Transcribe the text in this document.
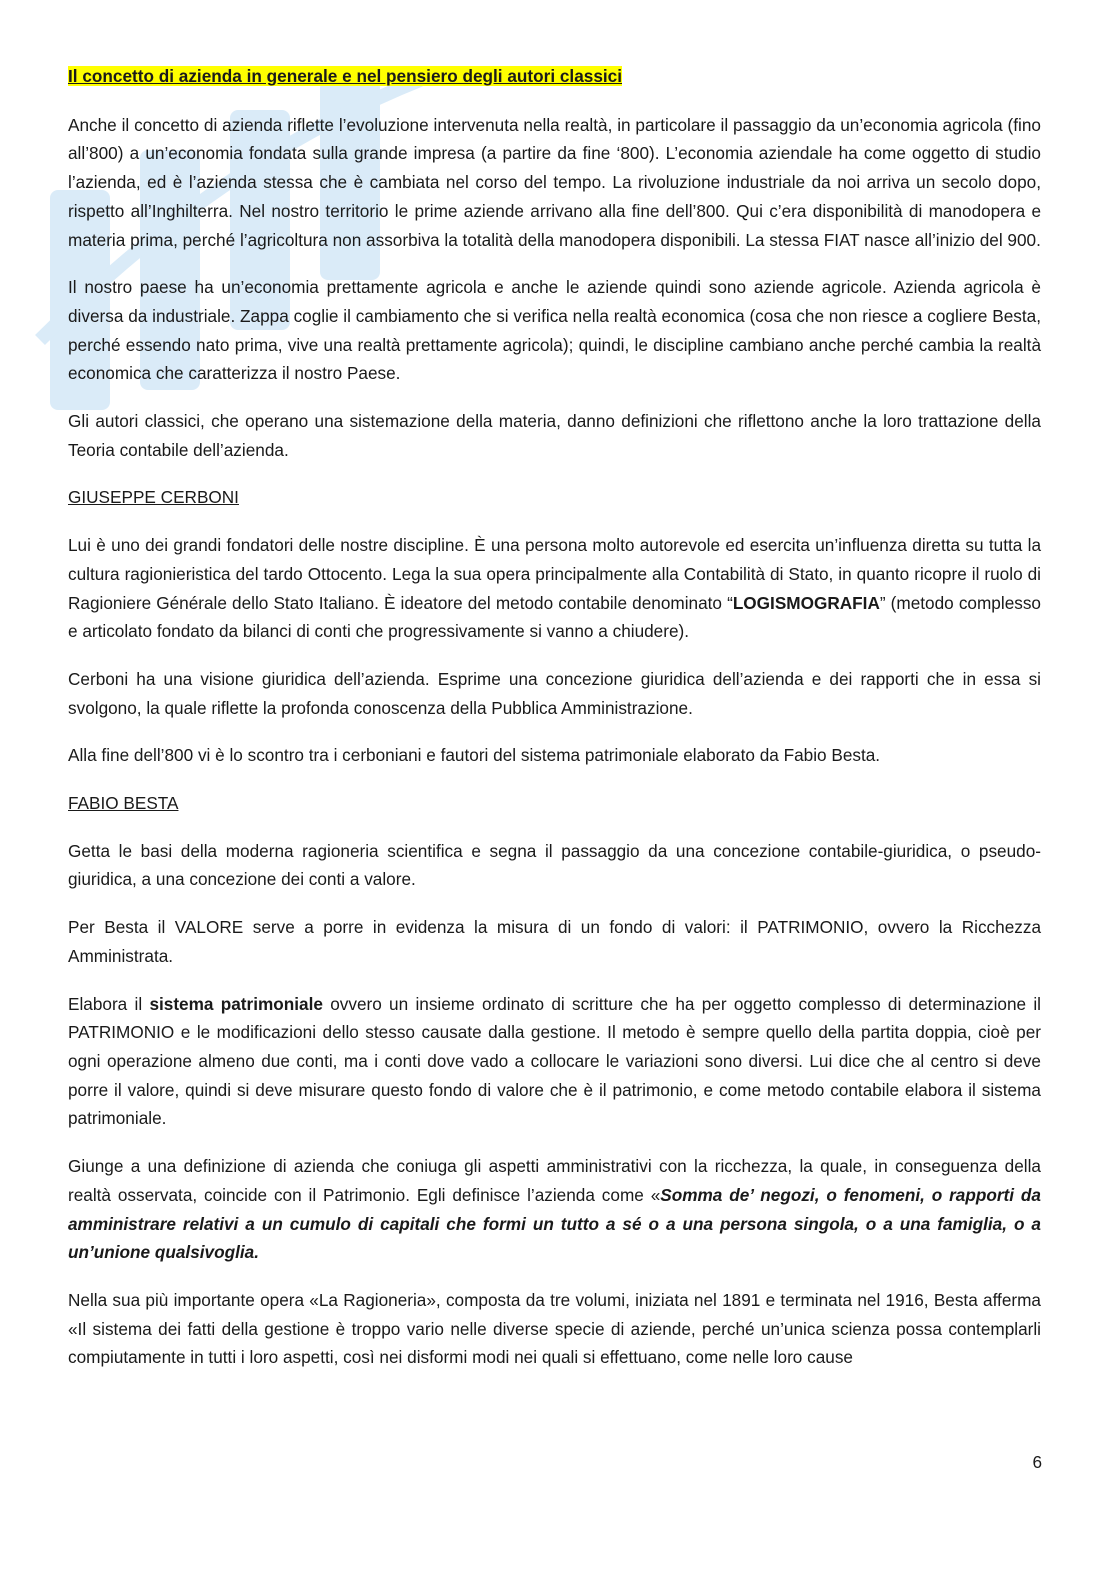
Il concetto di azienda in generale e nel pensiero degli autori classici

Anche il concetto di azienda riflette l’evoluzione intervenuta nella realtà, in particolare il passaggio da un’economia agricola (fino all’800) a un’economia fondata sulla grande impresa (a partire da fine ‘800). L’economia aziendale ha come oggetto di studio l’azienda, ed è l’azienda stessa che è cambiata nel corso del tempo. La rivoluzione industriale da noi arriva un secolo dopo, rispetto all’Inghilterra. Nel nostro territorio le prime aziende arrivano alla fine dell’800. Qui c’era disponibilità di manodopera e materia prima, perché l’agricoltura non assorbiva la totalità della manodopera disponibili. La stessa FIAT nasce all’inizio del 900.

Il nostro paese ha un’economia prettamente agricola e anche le aziende quindi sono aziende agricole. Azienda agricola è diversa da industriale. Zappa coglie il cambiamento che si verifica nella realtà economica (cosa che non riesce a cogliere Besta, perché essendo nato prima, vive una realtà prettamente agricola); quindi, le discipline cambiano anche perché cambia la realtà economica che caratterizza il nostro Paese.

Gli autori classici, che operano una sistemazione della materia, danno definizioni che riflettono anche la loro trattazione della Teoria contabile dell’azienda.

GIUSEPPE CERBONI

Lui è uno dei grandi fondatori delle nostre discipline. È una persona molto autorevole ed esercita un’influenza diretta su tutta la cultura ragionieristica del tardo Ottocento. Lega la sua opera principalmente alla Contabilità di Stato, in quanto ricopre il ruolo di Ragioniere Générale dello Stato Italiano. È ideatore del metodo contabile denominato “LOGISMOGRAFIA” (metodo complesso e articolato fondato da bilanci di conti che progressivamente si vanno a chiudere).

Cerboni ha una visione giuridica dell’azienda. Esprime una concezione giuridica dell’azienda e dei rapporti che in essa si svolgono, la quale riflette la profonda conoscenza della Pubblica Amministrazione.

Alla fine dell’800 vi è lo scontro tra i cerboniani e fautori del sistema patrimoniale elaborato da Fabio Besta.

FABIO BESTA

Getta le basi della moderna ragioneria scientifica e segna il passaggio da una concezione contabile-giuridica, o pseudo-giuridica, a una concezione dei conti a valore.

Per Besta il VALORE serve a porre in evidenza la misura di un fondo di valori: il PATRIMONIO, ovvero la Ricchezza Amministrata.

Elabora il sistema patrimoniale ovvero un insieme ordinato di scritture che ha per oggetto complesso di determinazione il PATRIMONIO e le modificazioni dello stesso causate dalla gestione. Il metodo è sempre quello della partita doppia, cioè per ogni operazione almeno due conti, ma i conti dove vado a collocare le variazioni sono diversi. Lui dice che al centro si deve porre il valore, quindi si deve misurare questo fondo di valore che è il patrimonio, e come metodo contabile elabora il sistema patrimoniale.

Giunge a una definizione di azienda che coniuga gli aspetti amministrativi con la ricchezza, la quale, in conseguenza della realtà osservata, coincide con il Patrimonio. Egli definisce l’azienda come «Somma de’ negozi, o fenomeni, o rapporti da amministrare relativi a un cumulo di capitali che formi un tutto a sé o a una persona singola, o a una famiglia, o a un’unione qualsivoglia.

Nella sua più importante opera «La Ragioneria», composta da tre volumi, iniziata nel 1891 e terminata nel 1916, Besta afferma «Il sistema dei fatti della gestione è troppo vario nelle diverse specie di aziende, perché un’unica scienza possa contemplarli compiutamente in tutti i loro aspetti, così nei disformi modi nei quali si effettuano, come nelle loro cause

6
